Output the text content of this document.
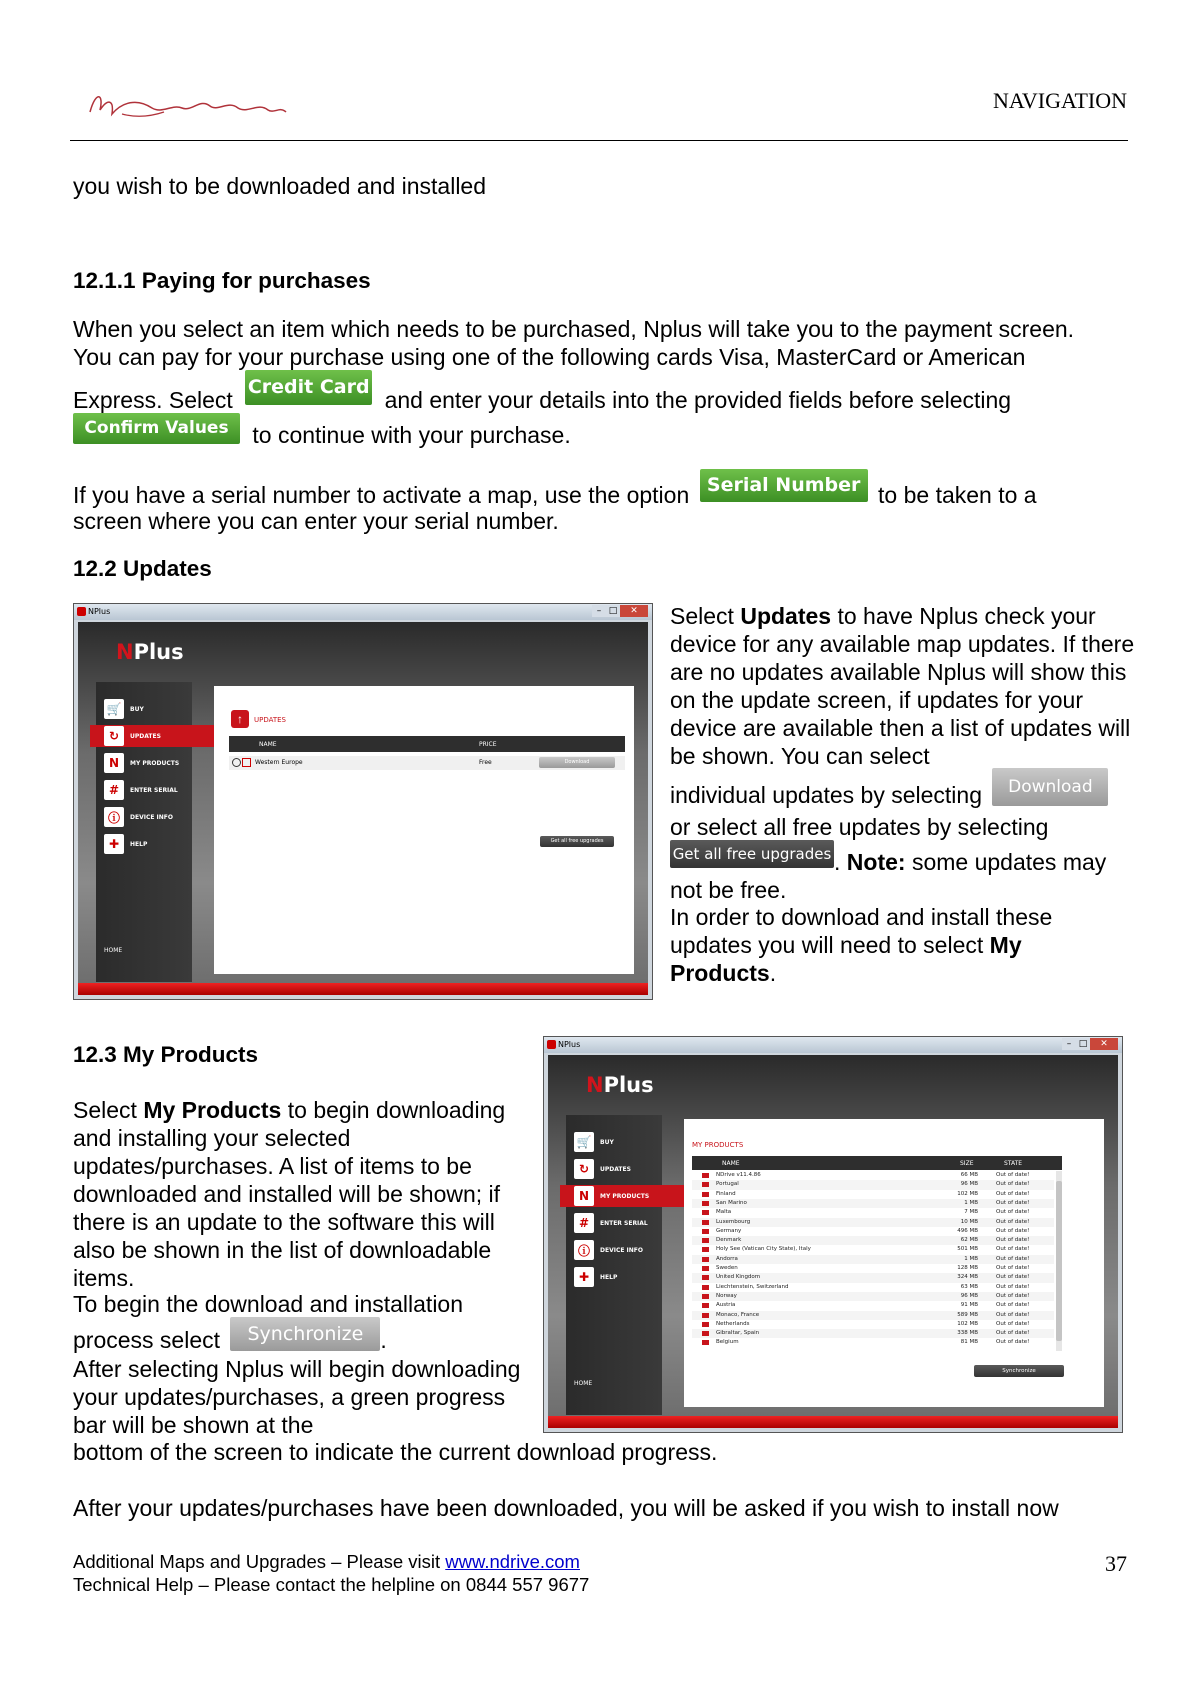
NAVIGATION
you wish to be downloaded and installed
12.1.1 Paying for purchases
When you select an item which needs to be purchased, Nplus will take you to the payment screen.
You can pay for your purchase using one of the following cards Visa, MasterCard or American
Express. Select Credit Card and enter your details into the provided fields before selecting
Confirm Values to continue with your purchase.
If you have a serial number to activate a map, use the option Serial Number to be taken to a
screen where you can enter your serial number.
12.2 Updates
NPlus	– □	✕
NPlus
🛒	BUY
↻	UPDATES
N	MY PRODUCTS
#	ENTER SERIAL
ⓘ	DEVICE INFO
✚	HELP
HOME
↑	UPDATES
NAME	PRICE
Western Europe	Free	Download
Get all free upgrades
Select Updates to have Nplus check your device for any available map updates. If there are no updates available Nplus will show this on the update screen, if updates for your device are available then a list of updates will be shown. You can select
individual updates by selecting Download
or select all free updates by selecting
Get all free upgrades . Note: some updates may
not be free.
In order to download and install these updates you will need to select My Products.
12.3 My Products
Select My Products to begin downloading and installing your selected updates/purchases. A list of items to be downloaded and installed will be shown; if there is an update to the software this will also be shown in the list of downloadable items.
To begin the download and installation
process select Synchronize .
After selecting Nplus will begin downloading your updates/purchases, a green progress bar will be shown at the
bottom of the screen to indicate the current download progress.
After your updates/purchases have been downloaded, you will be asked if you wish to install now
NPlus	– □	✕
NPlus
🛒	BUY
↻	UPDATES
N	MY PRODUCTS
#	ENTER SERIAL
ⓘ	DEVICE INFO
✚	HELP
HOME
MY PRODUCTS
NAME	SIZE	STATE
NDrive v11.4.86	66 MB	Out of date!
Portugal	96 MB	Out of date!
Finland	102 MB	Out of date!
San Marino	1 MB	Out of date!
Malta	7 MB	Out of date!
Luxembourg	10 MB	Out of date!
Germany	496 MB	Out of date!
Denmark	62 MB	Out of date!
Holy See (Vatican City State), Italy	501 MB	Out of date!
Andorra	1 MB	Out of date!
Sweden	128 MB	Out of date!
United Kingdom	324 MB	Out of date!
Liechtenstein, Switzerland	63 MB	Out of date!
Norway	96 MB	Out of date!
Austria	91 MB	Out of date!
Monaco, France	589 MB	Out of date!
Netherlands	102 MB	Out of date!
Gibraltar, Spain	338 MB	Out of date!
Belgium	81 MB	Out of date!
Synchronize
Additional Maps and Upgrades – Please visit www.ndrive.com
Technical Help – Please contact the helpline on 0844 557 9677
37
